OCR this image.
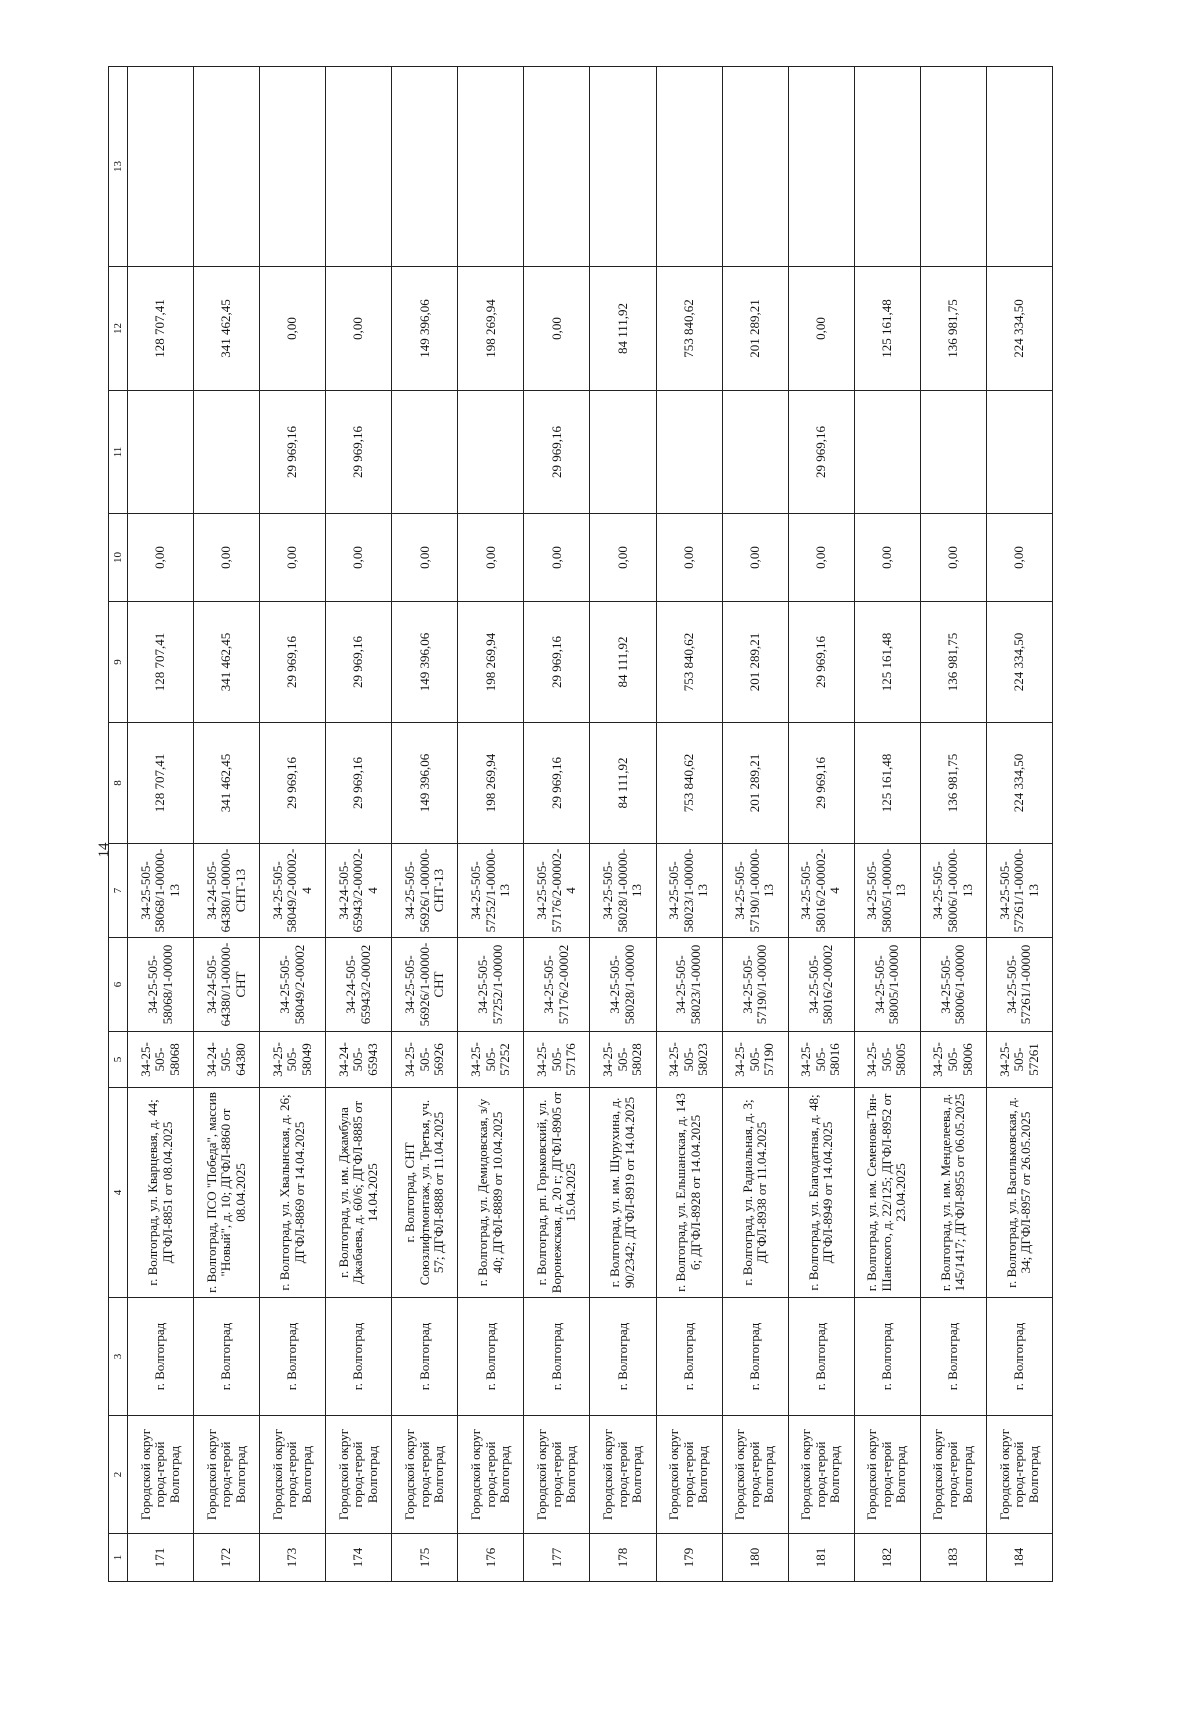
14
1	2	3	4	5	6	7	8	9	10	11	12	13
171	Городской округ город-герой Волгоград	г. Волгоград	г. Волгоград, ул. Кварцевая, д. 44; ДГФЛ-8851 от 08.04.2025	34-25-505-58068	34-25-505-58068/1-00000	34-25-505-58068/1-00000-13	128 707,41	128 707,41	0,00		128 707,41	
172	Городской округ город-герой Волгоград	г. Волгоград	г. Волгоград, ПСО "Победа", массив "Новый", д. 10; ДГФЛ-8860 от 08.04.2025	34-24-505-64380	34-24-505-64380/1-00000-СНТ	34-24-505-64380/1-00000-СНТ-13	341 462,45	341 462,45	0,00		341 462,45	
173	Городской округ город-герой Волгоград	г. Волгоград	г. Волгоград, ул. Хвалынская, д. 26; ДГФЛ-8869 от 14.04.2025	34-25-505-58049	34-25-505-58049/2-00002	34-25-505-58049/2-00002-4	29 969,16	29 969,16	0,00	29 969,16	0,00	
174	Городской округ город-герой Волгоград	г. Волгоград	г. Волгоград, ул. им. Джамбула Джабаева, д. 60/6; ДГФЛ-8885 от 14.04.2025	34-24-505-65943	34-24-505-65943/2-00002	34-24-505-65943/2-00002-4	29 969,16	29 969,16	0,00	29 969,16	0,00	
175	Городской округ город-герой Волгоград	г. Волгоград	г. Волгоград, СНТ Союзлифтмонтаж, ул. Третья, уч. 57; ДГФЛ-8888 от 11.04.2025	34-25-505-56926	34-25-505-56926/1-00000-СНТ	34-25-505-56926/1-00000-СНТ-13	149 396,06	149 396,06	0,00		149 396,06	
176	Городской округ город-герой Волгоград	г. Волгоград	г. Волгоград, ул. Демидовская, з/у 40; ДГФЛ-8889 от 10.04.2025	34-25-505-57252	34-25-505-57252/1-00000	34-25-505-57252/1-00000-13	198 269,94	198 269,94	0,00		198 269,94	
177	Городской округ город-герой Волгоград	г. Волгоград	г. Волгоград, рп. Горьковский, ул. Воронежская, д. 20 г; ДГФЛ-8905 от 15.04.2025	34-25-505-57176	34-25-505-57176/2-00002	34-25-505-57176/2-00002-4	29 969,16	29 969,16	0,00	29 969,16	0,00	
178	Городской округ город-герой Волгоград	г. Волгоград	г. Волгоград, ул. им. Шурухина, д. 90/2342; ДГФЛ-8919 от 14.04.2025	34-25-505-58028	34-25-505-58028/1-00000	34-25-505-58028/1-00000-13	84 111,92	84 111,92	0,00		84 111,92	
179	Городской округ город-герой Волгоград	г. Волгоград	г. Волгоград, ул. Ельшанская, д. 143 б; ДГФЛ-8928 от 14.04.2025	34-25-505-58023	34-25-505-58023/1-00000	34-25-505-58023/1-00000-13	753 840,62	753 840,62	0,00		753 840,62	
180	Городской округ город-герой Волгоград	г. Волгоград	г. Волгоград, ул. Радиальная, д. 3; ДГФЛ-8938 от 11.04.2025	34-25-505-57190	34-25-505-57190/1-00000	34-25-505-57190/1-00000-13	201 289,21	201 289,21	0,00		201 289,21	
181	Городской округ город-герой Волгоград	г. Волгоград	г. Волгоград, ул. Благодатная, д. 48; ДГФЛ-8949 от 14.04.2025	34-25-505-58016	34-25-505-58016/2-00002	34-25-505-58016/2-00002-4	29 969,16	29 969,16	0,00	29 969,16	0,00	
182	Городской округ город-герой Волгоград	г. Волгоград	г. Волгоград, ул. им. Семенова-Тян-Шанского, д. 22/125; ДГФЛ-8952 от 23.04.2025	34-25-505-58005	34-25-505-58005/1-00000	34-25-505-58005/1-00000-13	125 161,48	125 161,48	0,00		125 161,48	
183	Городской округ город-герой Волгоград	г. Волгоград	г. Волгоград, ул. им. Менделеева, д. 145/1417; ДГФЛ-8955 от 06.05.2025	34-25-505-58006	34-25-505-58006/1-00000	34-25-505-58006/1-00000-13	136 981,75	136 981,75	0,00		136 981,75	
184	Городской округ город-герой Волгоград	г. Волгоград	г. Волгоград, ул. Васильковская, д. 34; ДГФЛ-8957 от 26.05.2025	34-25-505-57261	34-25-505-57261/1-00000	34-25-505-57261/1-00000-13	224 334,50	224 334,50	0,00		224 334,50	
